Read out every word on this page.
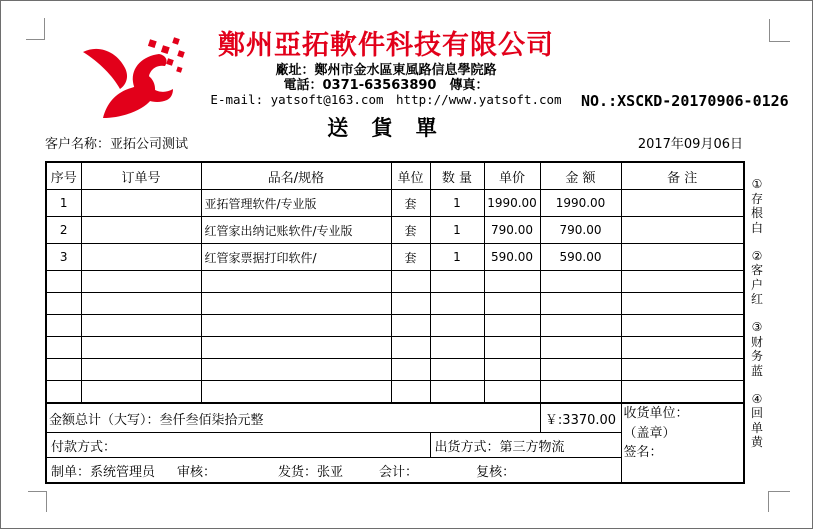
鄭州亞拓軟件科技有限公司
廠址：鄭州市金水區東風路信息學院路
電話：0371-63563890　傳真：
E-mail: yatsoft@163.com　http://www.yatsoft.com
送 貨 單
NO.:XSCKD-20170906-0126
客户名称：亚拓公司测试	2017年09月06日
序号	订单号	品名/规格	单位	数 量	单价	金 额	备 注
1		亚拓管理软件/专业版	套	1	1990.00	1990.00	
2		红管家出纳记账软件/专业版	套	1	790.00	790.00	
3		红管家票据打印软件/	套	1	590.00	590.00	

金额总计（大写）：叁仟叁佰柒拾元整						￥:3370.00	收货单位：
（盖章）
签名：

付款方式：				出货方式：第三方物流			
制单：系统管理员 审核： 发货：张亚 会计： 复核：							
①存根白
②客户红
③财务蓝
④回单黄
